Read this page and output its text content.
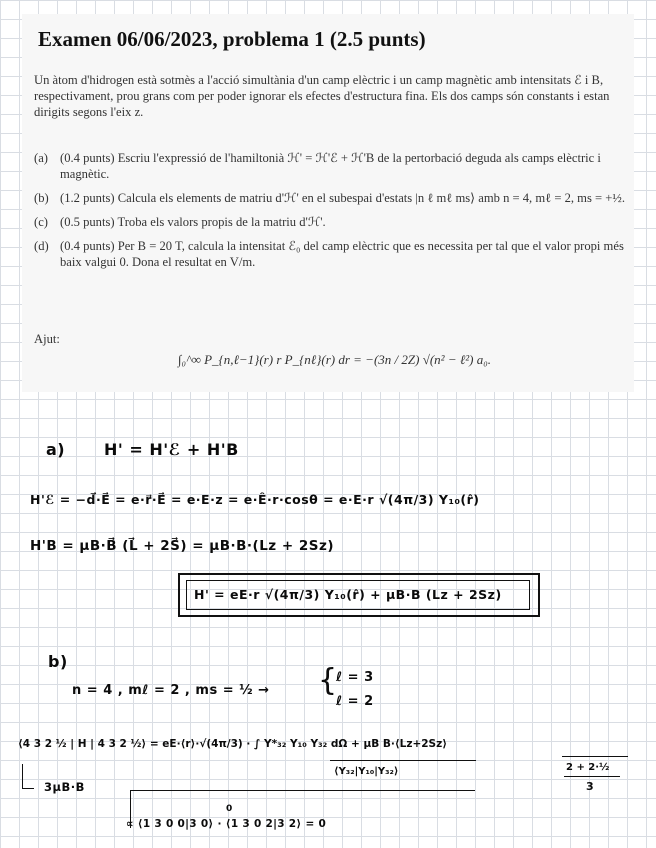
Examen 06/06/2023, problema 1 (2.5 punts)
Un àtom d'hidrogen està sotmès a l'acció simultània d'un camp elèctric i un camp magnètic amb intensitats ℰ i B, respectivament, prou grans com per poder ignorar els efectes d'estructura fina. Els dos camps són constants i estan dirigits segons l'eix z.
(a) (0.4 punts) Escriu l'expressió de l'hamiltonià ℋ' = ℋ'ℰ + ℋ'B de la pertorbació deguda als camps elèctric i magnètic.
(b) (1.2 punts) Calcula els elements de matriu d'ℋ' en el subespai d'estats |n ℓ mℓ ms⟩ amb n = 4, mℓ = 2, ms = +½.
(c) (0.5 punts) Troba els valors propis de la matriu d'ℋ'.
(d) (0.4 punts) Per B = 20 T, calcula la intensitat ℰ₀ del camp elèctric que es necessita per tal que el valor propi més baix valgui 0. Dona el resultat en V/m.
Ajut:
∫₀^∞ P_{n,ℓ−1}(r) r P_{nℓ}(r) dr = −(3n / 2Z) √(n² − ℓ²) a₀.
a) H' = H'ℰ + H'B
H'ℰ = −d⃗·E⃗ = e·r⃗·E⃗ = e·E·z = e·Ê·r·cosθ = e·E·r √(4π/3) Y₁₀(r̂)
H'B = μB·B⃗ (L⃗ + 2S⃗) = μB·B·(Lz + 2Sz)
H' = eE·r √(4π/3) Y₁₀(r̂) + μB·B (Lz + 2Sz)
b)
n = 4 , mℓ = 2 , ms = ½ → {
ℓ = 3
ℓ = 2
⟨4 3 2 ½ | H | 4 3 2 ½⟩ = eE·⟨r⟩·√(4π/3) · ∫ Y*₃₂ Y₁₀ Y₃₂ dΩ + μB B·⟨Lz+2Sz⟩
⟨Y₃₂|Y₁₀|Y₃₂⟩	2 + 2·½
3
3μB·B
∝ ⟨1 3 0 0|3 0⟩ · ⟨1 3 0 2|3 2⟩ = 0
0
